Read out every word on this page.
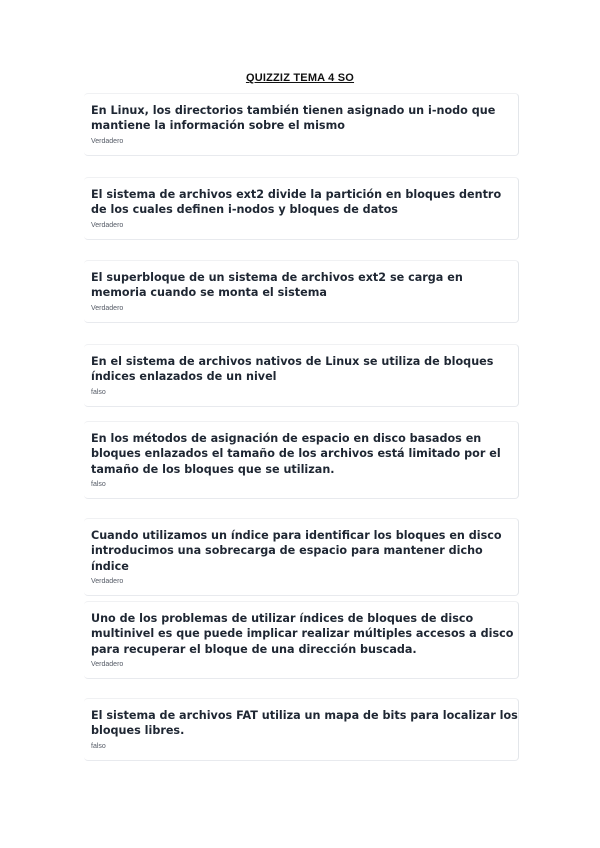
QUIZZIZ TEMA 4 SO
En Linux, los directorios también tienen asignado un i-nodo que mantiene la información sobre el mismo
Verdadero
El sistema de archivos ext2 divide la partición en bloques dentro de los cuales definen i-nodos y bloques de datos
Verdadero
El superbloque de un sistema de archivos ext2 se carga en memoria cuando se monta el sistema
Verdadero
En el sistema de archivos nativos de Linux se utiliza de bloques índices enlazados de un nivel
falso
En los métodos de asignación de espacio en disco basados en bloques enlazados el tamaño de los archivos está limitado por el tamaño de los bloques que se utilizan.
falso
Cuando utilizamos un índice para identificar los bloques en disco introducimos una sobrecarga de espacio para mantener dicho índice
Verdadero
Uno de los problemas de utilizar índices de bloques de disco multinivel es que puede implicar realizar múltiples accesos a disco para recuperar el bloque de una dirección buscada.
Verdadero
El sistema de archivos FAT utiliza un mapa de bits para localizar los bloques libres.
falso
